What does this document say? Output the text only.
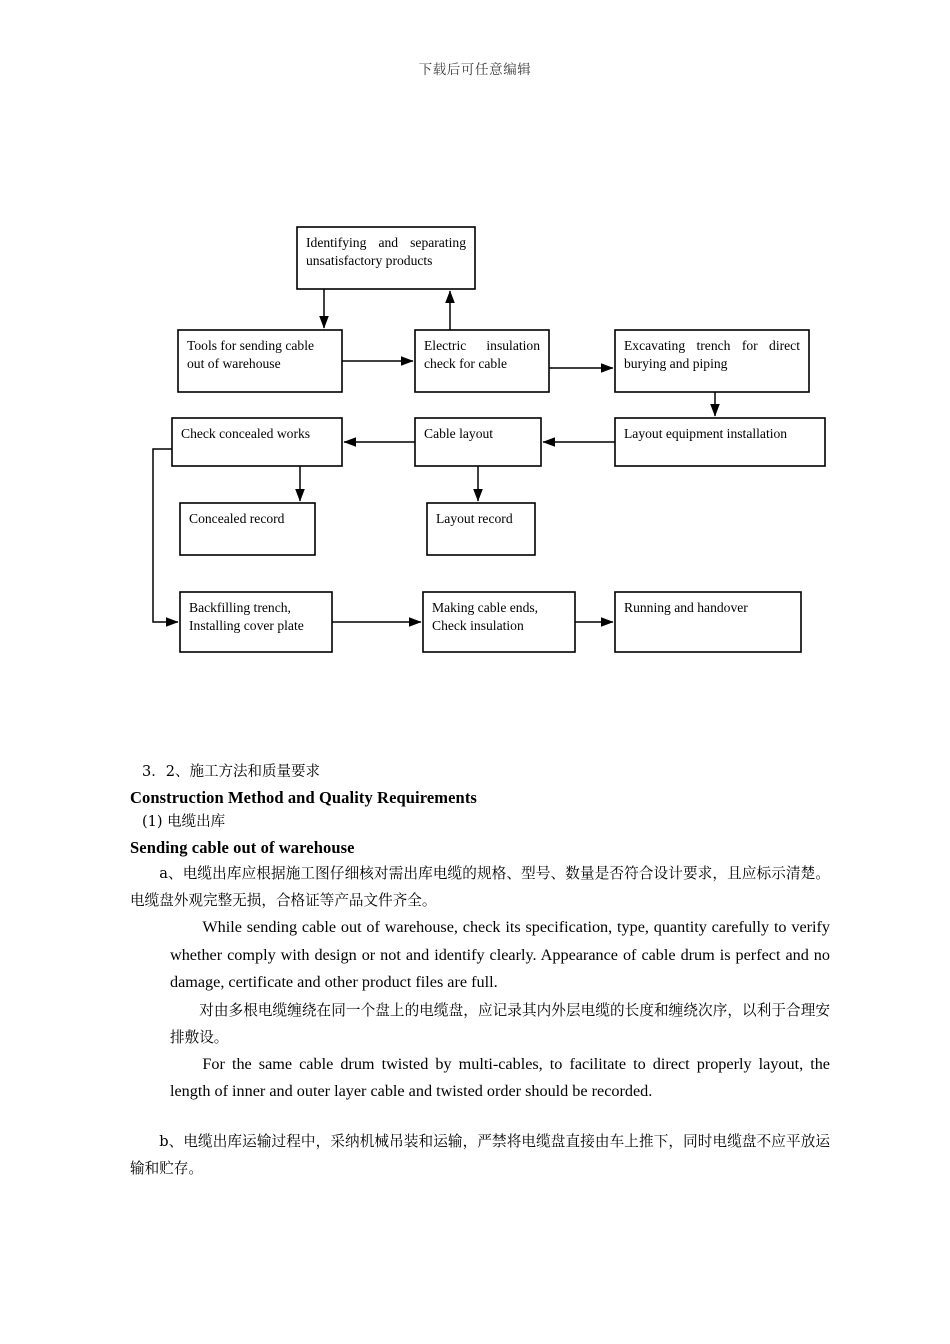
下载后可任意编辑
Identifying and separating unsatisfactory products
Tools for sending cable out of warehouse
Electric insulation check for cable
Excavating trench for direct burying and piping
Check concealed works	Cable layout	Layout equipment installation
Concealed record	Layout record
Backfilling trench, Installing cover plate
Making cable ends, Check insulation
Running and handover
3．2、施工方法和质量要求
Construction Method and Quality Requirements
(1) 电缆出库
Sending cable out of warehouse

a、电缆出库应根据施工图仔细核对需出库电缆的规格、型号、数量是否符合设计要求，且应标示清楚。电缆盘外观完整无损，合格证等产品文件齐全。

While sending cable out of warehouse, check its specification, type, quantity carefully to verify whether comply with design or not and identify clearly. Appearance of cable drum is perfect and no damage, certificate and other product files are full.

对由多根电缆缠绕在同一个盘上的电缆盘，应记录其内外层电缆的长度和缠绕次序，以利于合理安排敷设。

For the same cable drum twisted by multi-cables, to facilitate to direct properly layout, the length of inner and outer layer cable and twisted order should be recorded.

b、电缆出库运输过程中，采纳机械吊装和运输，严禁将电缆盘直接由车上推下，同时电缆盘不应平放运输和贮存。
